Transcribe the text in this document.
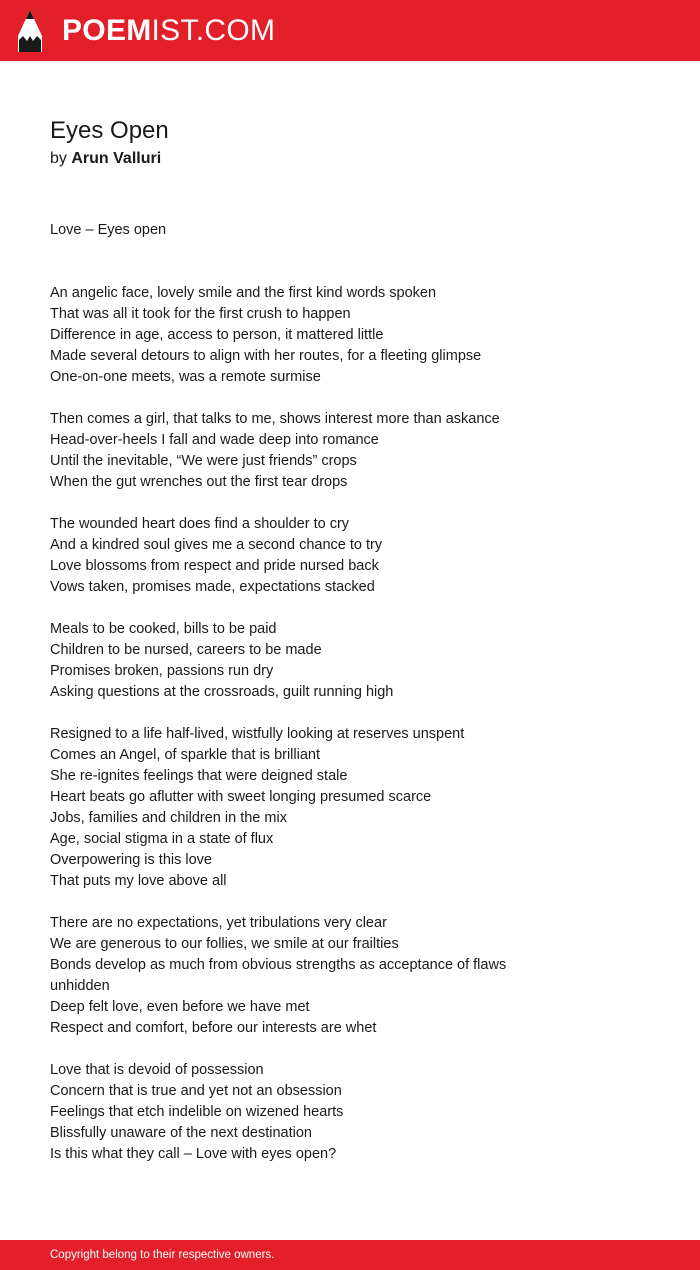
POEMIST.COM
Eyes Open
by Arun Valluri
Love – Eyes open
An angelic face, lovely smile and the first kind words spoken
That was all it took for the first crush to happen
Difference in age, access to person, it mattered little
Made several detours to align with her routes, for a fleeting glimpse
One-on-one meets, was a remote surmise
Then comes a girl, that talks to me, shows interest more than askance
Head-over-heels I fall and wade deep into romance
Until the inevitable, “We were just friends” crops
When the gut wrenches out the first tear drops
The wounded heart does find a shoulder to cry
And a kindred soul gives me a second chance to try
Love blossoms from respect and pride nursed back
Vows taken, promises made, expectations stacked
Meals to be cooked, bills to be paid
Children to be nursed, careers to be made
Promises broken, passions run dry
Asking questions at the crossroads, guilt running high
Resigned to a life half-lived, wistfully looking at reserves unspent
Comes an Angel, of sparkle that is brilliant
She re-ignites feelings that were deigned stale
Heart beats go aflutter with sweet longing presumed scarce
Jobs, families and children in the mix
Age, social stigma in a state of flux
Overpowering is this love
That puts my love above all
There are no expectations, yet tribulations very clear
We are generous to our follies, we smile at our frailties
Bonds develop as much from obvious strengths as acceptance of flaws
unhidden
Deep felt love, even before we have met
Respect and comfort, before our interests are whet
Love that is devoid of possession
Concern that is true and yet not an obsession
Feelings that etch indelible on wizened hearts
Blissfully unaware of the next destination
Is this what they call – Love with eyes open?
Copyright belong to their respective owners.
